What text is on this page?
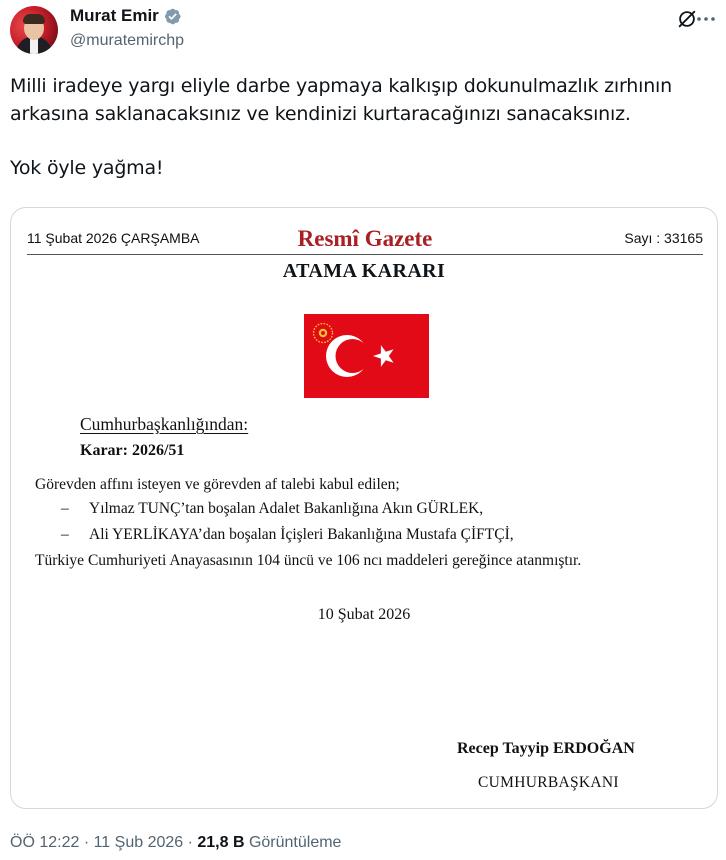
Murat Emir
@muratemirchp

Milli iradeye yargı eliyle darbe yapmaya kalkışıp dokunulmazlık zırhının arkasına saklanacaksınız ve kendinizi kurtaracağınızı sanacaksınız.

Yok öyle yağma!

11 Şubat 2026 ÇARŞAMBA	Resmî Gazete	Sayı : 33165
ATAMA KARARI
Cumhurbaşkanlığından:
Karar: 2026/51
Görevden affını isteyen ve görevden af talebi kabul edilen;
–	Yılmaz TUNÇ’tan boşalan Adalet Bakanlığına Akın GÜRLEK,
–	Ali YERLİKAYA’dan boşalan İçişleri Bakanlığına Mustafa ÇİFTÇİ,
Türkiye Cumhuriyeti Anayasasının 104 üncü ve 106 ncı maddeleri gereğince atanmıştır.
10 Şubat 2026
Recep Tayyip ERDOĞAN
CUMHURBAŞKANI
ÖÖ 12:22 · 11 Şub 2026 · 21,8 B Görüntüleme
